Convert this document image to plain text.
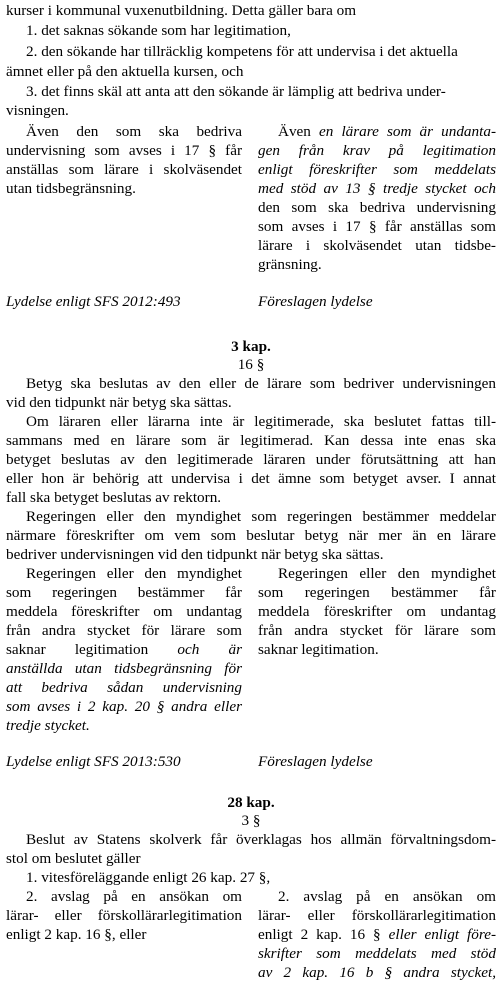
kurser i kommunal vuxenutbildning. Detta gäller bara om
1. det saknas sökande som har legitimation,
2. den sökande har tillräcklig kompetens för att undervisa i det aktuella
ämnet eller på den aktuella kursen, och
3. det finns skäl att anta att den sökande är lämplig att bedriva under-
visningen.
Även den som ska bedriva
undervisning som avses i 17 § får
anställas som lärare i skolväsendet
utan tidsbegränsning.
Även en lärare som är undanta-
gen från krav på legitimation
enligt föreskrifter som meddelats
med stöd av 13 § tredje stycket och
den som ska bedriva undervisning
som avses i 17 § får anställas som
lärare i skolväsendet utan tidsbe-
gränsning.
Lydelse enligt SFS 2012:493	Föreslagen lydelse
3 kap.
16 §
Betyg ska beslutas av den eller de lärare som bedriver undervisningen
vid den tidpunkt när betyg ska sättas.
Om läraren eller lärarna inte är legitimerade, ska beslutet fattas till-
sammans med en lärare som är legitimerad. Kan dessa inte enas ska
betyget beslutas av den legitimerade läraren under förutsättning att han
eller hon är behörig att undervisa i det ämne som betyget avser. I annat
fall ska betyget beslutas av rektorn.
Regeringen eller den myndighet som regeringen bestämmer meddelar
närmare föreskrifter om vem som beslutar betyg när mer än en lärare
bedriver undervisningen vid den tidpunkt när betyg ska sättas.
Regeringen eller den myndighet
som regeringen bestämmer får
meddela föreskrifter om undantag
från andra stycket för lärare som
saknar legitimation och är
anställda utan tidsbegränsning för
att bedriva sådan undervisning
som avses i 2 kap. 20 § andra eller
tredje stycket.
Regeringen eller den myndighet
som regeringen bestämmer får
meddela föreskrifter om undantag
från andra stycket för lärare som
saknar legitimation.
Lydelse enligt SFS 2013:530	Föreslagen lydelse
28 kap.
3 §
Beslut av Statens skolverk får överklagas hos allmän förvaltningsdom-
stol om beslutet gäller
1. vitesföreläggande enligt 26 kap. 27 §,
2. avslag på en ansökan om
lärar- eller förskollärarlegitimation
enligt 2 kap. 16 §, eller
2. avslag på en ansökan om
lärar- eller förskollärarlegitimation
enligt 2 kap. 16 § eller enligt före-
skrifter som meddelats med stöd
av 2 kap. 16 b § andra stycket,
